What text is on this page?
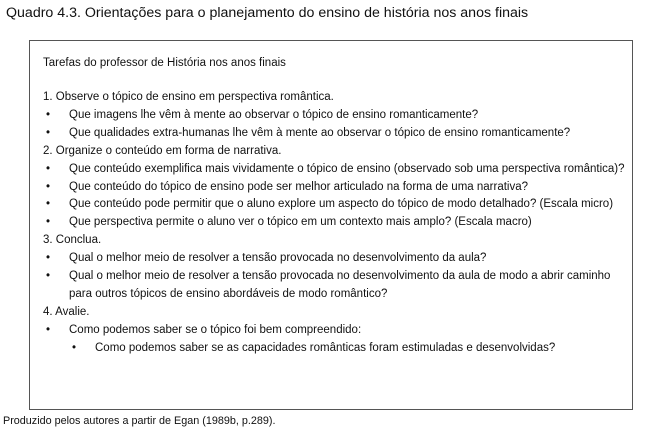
Quadro 4.3. Orientações para o planejamento do ensino de história nos anos finais
Tarefas do professor de História nos anos finais
1. Observe o tópico de ensino em perspectiva romântica.
• Que imagens lhe vêm à mente ao observar o tópico de ensino romanticamente?
• Que qualidades extra-humanas lhe vêm à mente ao observar o tópico de ensino romanticamente?
2. Organize o conteúdo em forma de narrativa.
• Que conteúdo exemplifica mais vividamente o tópico de ensino (observado sob uma perspectiva romântica)?
• Que conteúdo do tópico de ensino pode ser melhor articulado na forma de uma narrativa?
• Que conteúdo pode permitir que o aluno explore um aspecto do tópico de modo detalhado? (Escala micro)
• Que perspectiva permite o aluno ver o tópico em um contexto mais amplo? (Escala macro)
3. Conclua.
• Qual o melhor meio de resolver a tensão provocada no desenvolvimento da aula?
• Qual o melhor meio de resolver a tensão provocada no desenvolvimento da aula de modo a abrir caminho para outros tópicos de ensino abordáveis de modo romântico?
4. Avalie.
• Como podemos saber se o tópico foi bem compreendido:
• Como podemos saber se as capacidades românticas foram estimuladas e desenvolvidas?
Produzido pelos autores a partir de Egan (1989b, p.289).
